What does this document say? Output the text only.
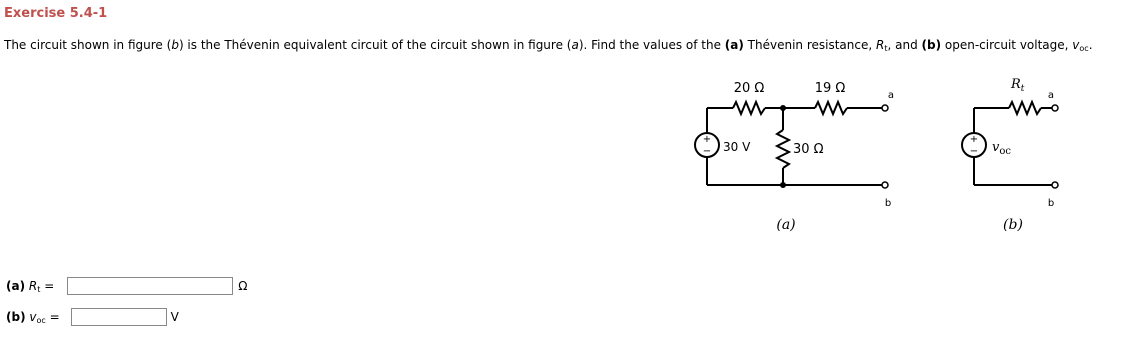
Exercise 5.4-1
The circuit shown in figure (b) is the Thévenin equivalent circuit of the circuit shown in figure (a). Find the values of the (a) Thévenin resistance, $R_t$, and (b) open-circuit voltage, $v_{oc}$.
+
−
20 Ω	19 Ω
30 Ω
30 V
a
b
(a)
+
−
$R_t$
$v_{oc}$
a
b
(b)
(a) $R_t$ =	Ω
(b) $v_{oc}$ =	V
